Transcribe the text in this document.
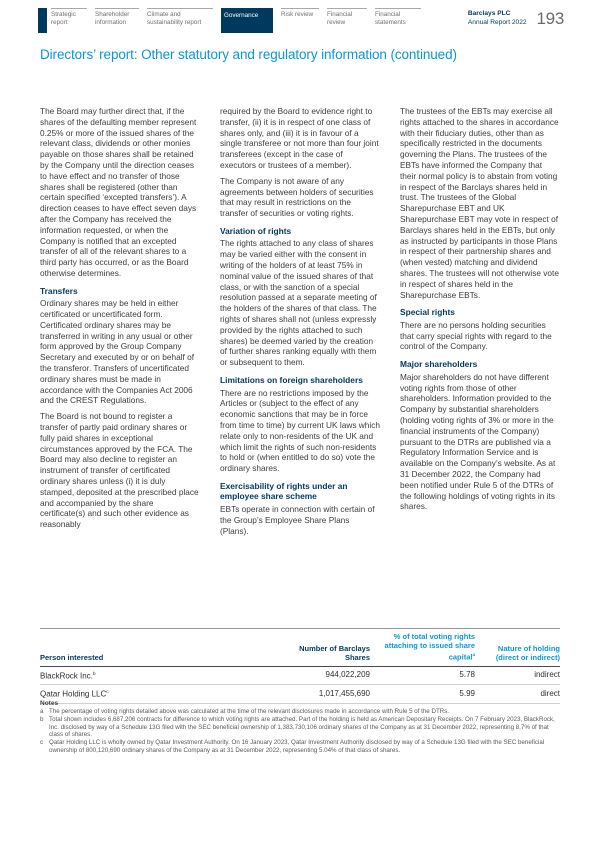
Strategic report
Shareholder information
Climate and sustainability report
Governance	Risk review	Financial review
Financial statements
Barclays PLC
Annual Report 2022 193
Directors’ report: Other statutory and regulatory information (continued)

The Board may further direct that, if the shares of the defaulting member represent 0.25% or more of the issued shares of the relevant class, dividends or other monies payable on those shares shall be retained by the Company until the direction ceases to have effect and no transfer of those shares shall be registered (other than certain specified ‘excepted transfers’). A direction ceases to have effect seven days after the Company has received the information requested, or when the Company is notified that an excepted transfer of all of the relevant shares to a third party has occurred, or as the Board otherwise determines.

Transfers

Ordinary shares may be held in either certificated or uncertificated form. Certificated ordinary shares may be transferred in writing in any usual or other form approved by the Group Company Secretary and executed by or on behalf of the transferor. Transfers of uncertificated ordinary shares must be made in accordance with the Companies Act 2006 and the CREST Regulations.

The Board is not bound to register a transfer of partly paid ordinary shares or fully paid shares in exceptional circumstances approved by the FCA. The Board may also decline to register an instrument of transfer of certificated ordinary shares unless (i) it is duly stamped, deposited at the prescribed place and accompanied by the share certificate(s) and such other evidence as reasonably

required by the Board to evidence right to transfer, (ii) it is in respect of one class of shares only, and (iii) it is in favour of a single transferee or not more than four joint transferees (except in the case of executors or trustees of a member).

The Company is not aware of any agreements between holders of securities that may result in restrictions on the transfer of securities or voting rights.

Variation of rights

The rights attached to any class of shares may be varied either with the consent in writing of the holders of at least 75% in nominal value of the issued shares of that class, or with the sanction of a special resolution passed at a separate meeting of the holders of the shares of that class. The rights of shares shall not (unless expressly provided by the rights attached to such shares) be deemed varied by the creation of further shares ranking equally with them or subsequent to them.

Limitations on foreign shareholders

There are no restrictions imposed by the Articles or (subject to the effect of any economic sanctions that may be in force from time to time) by current UK laws which relate only to non-residents of the UK and which limit the rights of such non-residents to hold or (when entitled to do so) vote the ordinary shares.

Exercisability of rights under an employee share scheme

EBTs operate in connection with certain of the Group’s Employee Share Plans (Plans).

The trustees of the EBTs may exercise all rights attached to the shares in accordance with their fiduciary duties, other than as specifically restricted in the documents governing the Plans. The trustees of the EBTs have informed the Company that their normal policy is to abstain from voting in respect of the Barclays shares held in trust. The trustees of the Global Sharepurchase EBT and UK Sharepurchase EBT may vote in respect of Barclays shares held in the EBTs, but only as instructed by participants in those Plans in respect of their partnership shares and (when vested) matching and dividend shares. The trustees will not otherwise vote in respect of shares held in the Sharepurchase EBTs.

Special rights

There are no persons holding securities that carry special rights with regard to the control of the Company.

Major shareholders

Major shareholders do not have different voting rights from those of other shareholders. Information provided to the Company by substantial shareholders (holding voting rights of 3% or more in the financial instruments of the Company) pursuant to the DTRs are published via a Regulatory Information Service and is available on the Company’s website. As at 31 December 2022, the Company had been notified under Rule 5 of the DTRs of the following holdings of voting rights in its shares.

Person interested	Number of Barclays Shares	% of total voting rights attaching to issued share capital$^a$	Nature of holding (direct or indirect)
BlackRock Inc.$^b$	944,022,209	5.78	indirect
Qatar Holding LLC$^c$	1,017,455,690	5.99	direct
Notes
a The percentage of voting rights detailed above was calculated at the time of the relevant disclosures made in accordance with Rule 5 of the DTRs.
b Total shown includes 6,687,206 contracts for difference to which voting rights are attached. Part of the holding is held as American Depositary Receipts. On 7 February 2023, BlackRock, Inc. disclosed by way of a Schedule 13G filed with the SEC beneficial ownership of 1,383,730,106 ordinary shares of the Company as at 31 December 2022, representing 8.7% of that class of shares.
c Qatar Holding LLC is wholly owned by Qatar Investment Authority. On 16 January 2023, Qatar Investment Authority disclosed by way of a Schedule 13G filed with the SEC beneficial ownership of 800,120,690 ordinary shares of the Company as at 31 December 2022, representing 5.04% of that class of shares.
